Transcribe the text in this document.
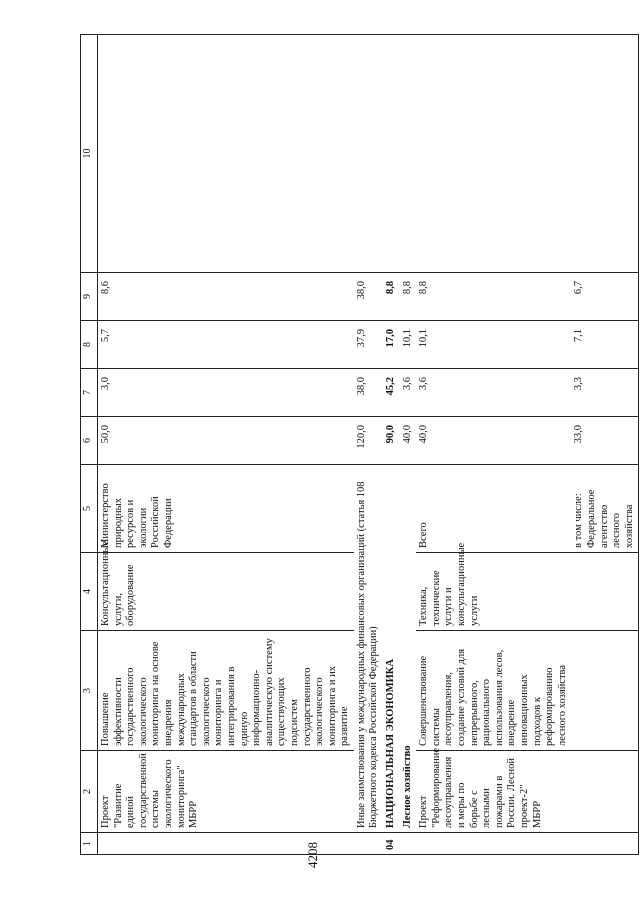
4208
1	2	3	4	5	6	7	8	9	10
	Проект "Развитие единой государственной системы экологического мониторинга" МБРР	Повышение эффективности государственного экологического мониторинга на основе внедрения международных стандартов в области экологического мониторинга и интегрирования в единую информационно-аналитическую систему существующих подсистем государственного экологического мониторинга и их развитие	Консультационные услуги, оборудование	Министерство природных ресурсов и экологии Российской Федерации	50,0	3,0	5,7	8,6	
	Иные заимствования у международных финансовых организаций (статья 108 Бюджетного кодекса Российской Федерации)				120,0	38,0	37,9	38,0	
04	НАЦИОНАЛЬНАЯ ЭКОНОМИКА				90,0	45,2	17,0	8,8	
	Лесное хозяйство				40,0	3,6	10,1	8,8	
	Проект "Реформирование лесоуправления и меры по борьбе с лесными пожарами в России. Лесной проект-2" МБРР	Совершенствование системы лесоуправления, создание условий для непрерывного, рационального использования лесов, внедрение инновационных подходов к реформированию лесного хозяйства	Техника, технические услуги и консультационные услуги	Всего	40,0	3,6	10,1	8,8	
				в том числе: Федеральное агентство лесного хозяйства	33,0	3,3	7,1	6,7	
